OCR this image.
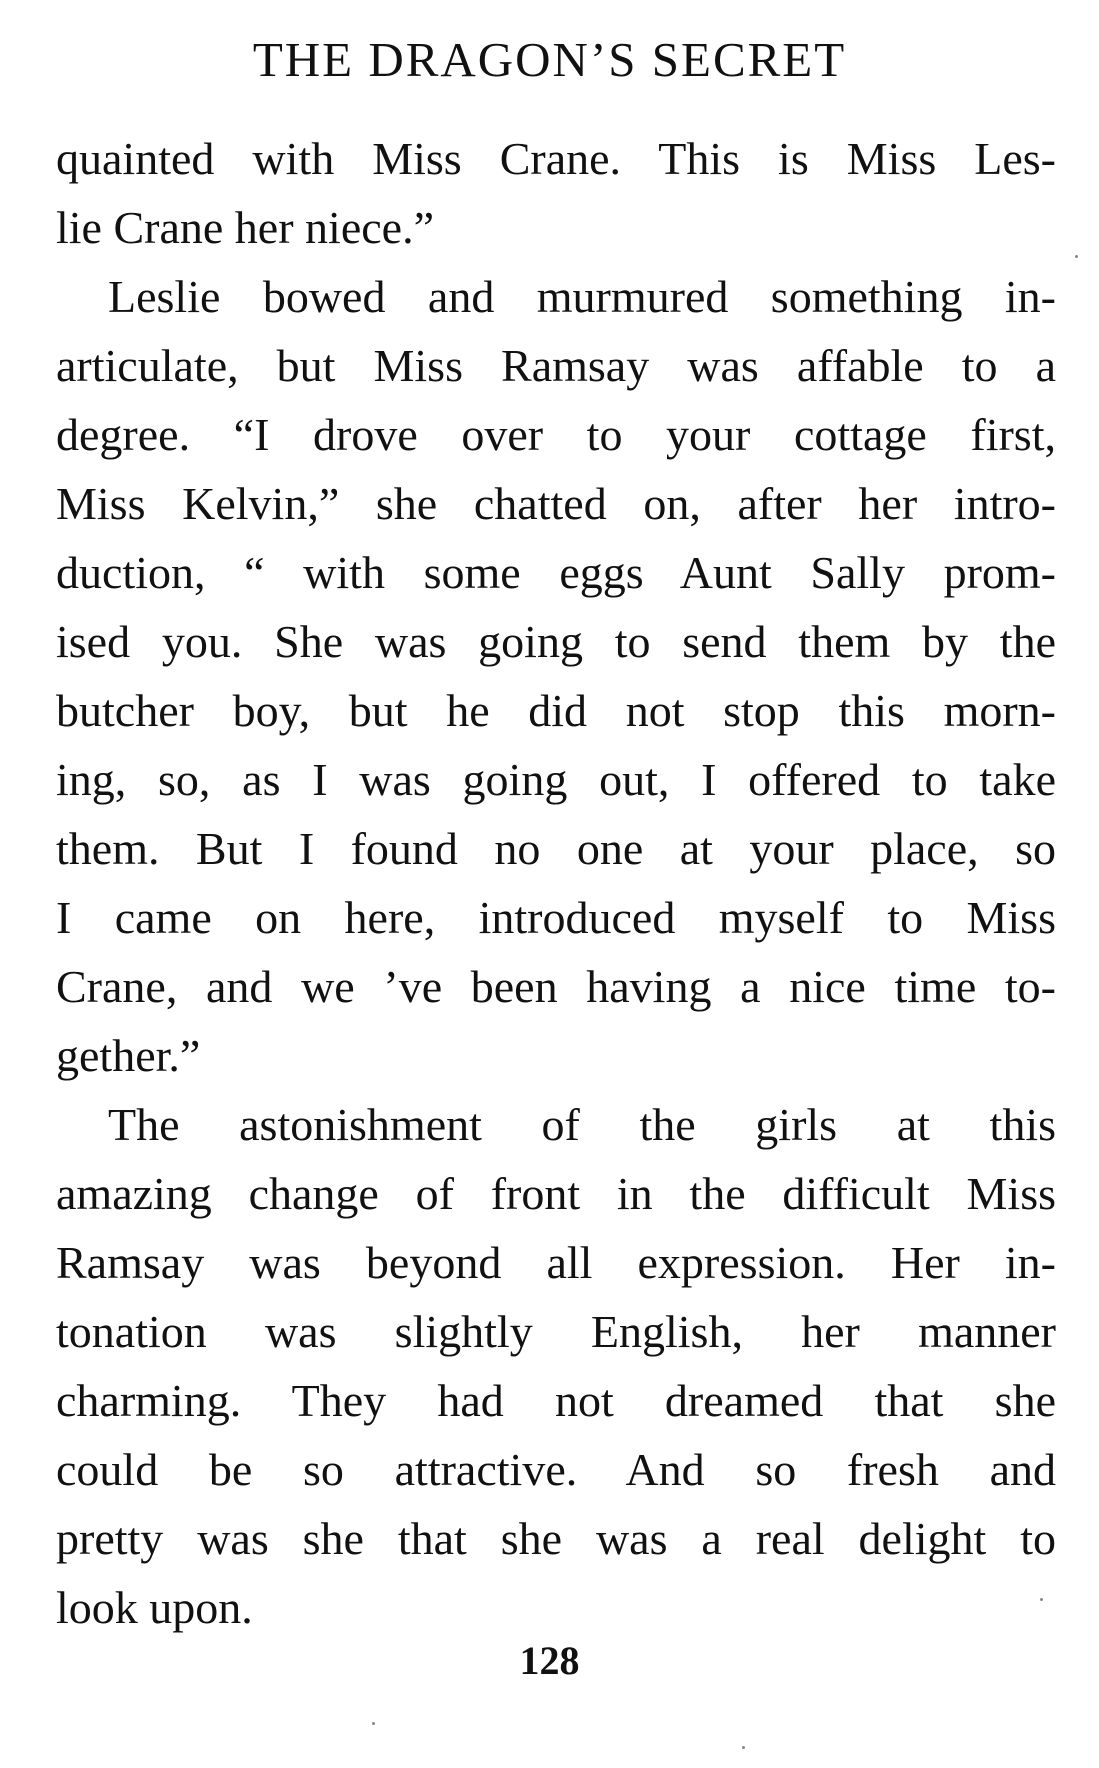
THE DRAGON’S SECRET
quainted with Miss Crane. This is Miss Les-
lie Crane her niece.”
Leslie bowed and murmured something in-
articulate, but Miss Ramsay was affable to a
degree. “I drove over to your cottage first,
Miss Kelvin,” she chatted on, after her intro-
duction, “ with some eggs Aunt Sally prom-
ised you. She was going to send them by the
butcher boy, but he did not stop this morn-
ing, so, as I was going out, I offered to take
them. But I found no one at your place, so
I came on here, introduced myself to Miss
Crane, and we ’ve been having a nice time to-
gether.”
The astonishment of the girls at this
amazing change of front in the difficult Miss
Ramsay was beyond all expression. Her in-
tonation was slightly English, her manner
charming. They had not dreamed that she
could be so attractive. And so fresh and
pretty was she that she was a real delight to
look upon.
128
